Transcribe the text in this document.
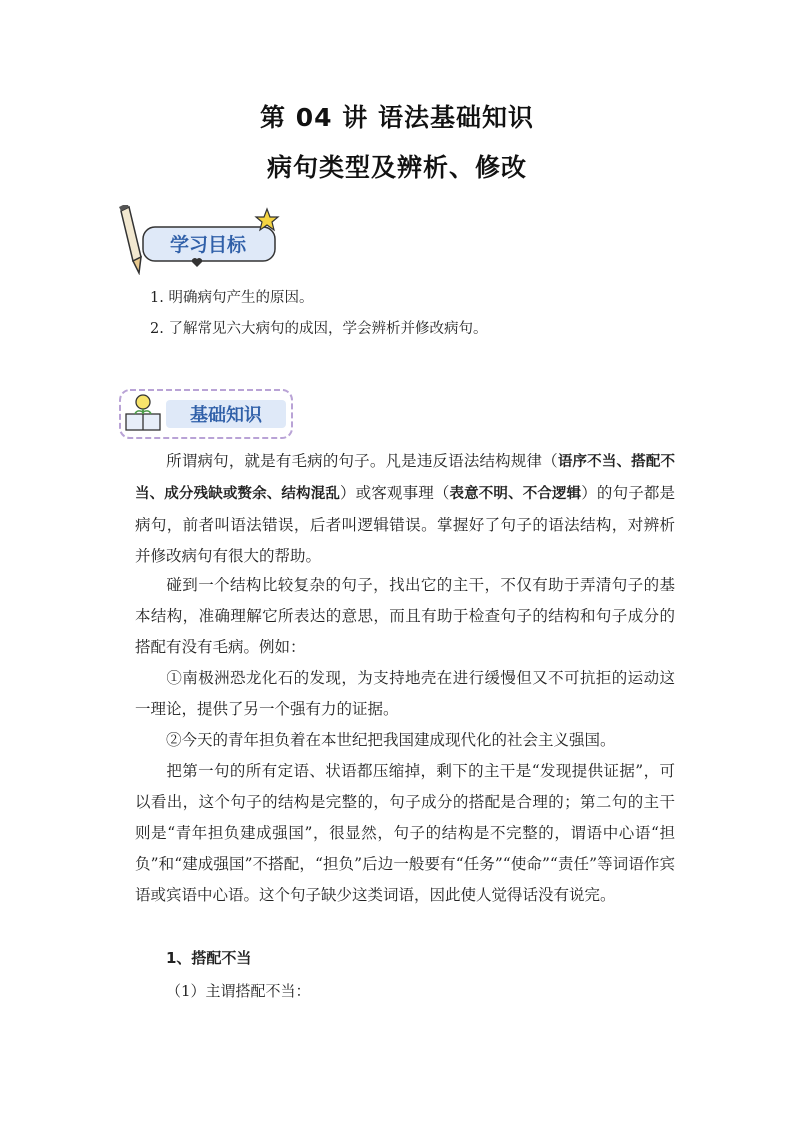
第 04 讲 语法基础知识
病句类型及辨析、修改
学习目标
1. 明确病句产生的原因。
2. 了解常见六大病句的成因，学会辨析并修改病句。
基础知识
所谓病句，就是有毛病的句子。凡是违反语法结构规律（语序不当、搭配不当、成分残缺或赘余、结构混乱）或客观事理（表意不明、不合逻辑）的句子都是病句，前者叫语法错误，后者叫逻辑错误。掌握好了句子的语法结构，对辨析并修改病句有很大的帮助。
碰到一个结构比较复杂的句子，找出它的主干，不仅有助于弄清句子的基本结构，准确理解它所表达的意思，而且有助于检查句子的结构和句子成分的搭配有没有毛病。例如：
①南极洲恐龙化石的发现，为支持地壳在进行缓慢但又不可抗拒的运动这一理论，提供了另一个强有力的证据。
②今天的青年担负着在本世纪把我国建成现代化的社会主义强国。
把第一句的所有定语、状语都压缩掉，剩下的主干是“发现提供证据”，可以看出，这个句子的结构是完整的，句子成分的搭配是合理的；第二句的主干则是“青年担负建成强国”，很显然，句子的结构是不完整的，谓语中心语“担负”和“建成强国”不搭配，“担负”后边一般要有“任务”“使命”“责任”等词语作宾语或宾语中心语。这个句子缺少这类词语，因此使人觉得话没有说完。
1、搭配不当
（1）主谓搭配不当：
